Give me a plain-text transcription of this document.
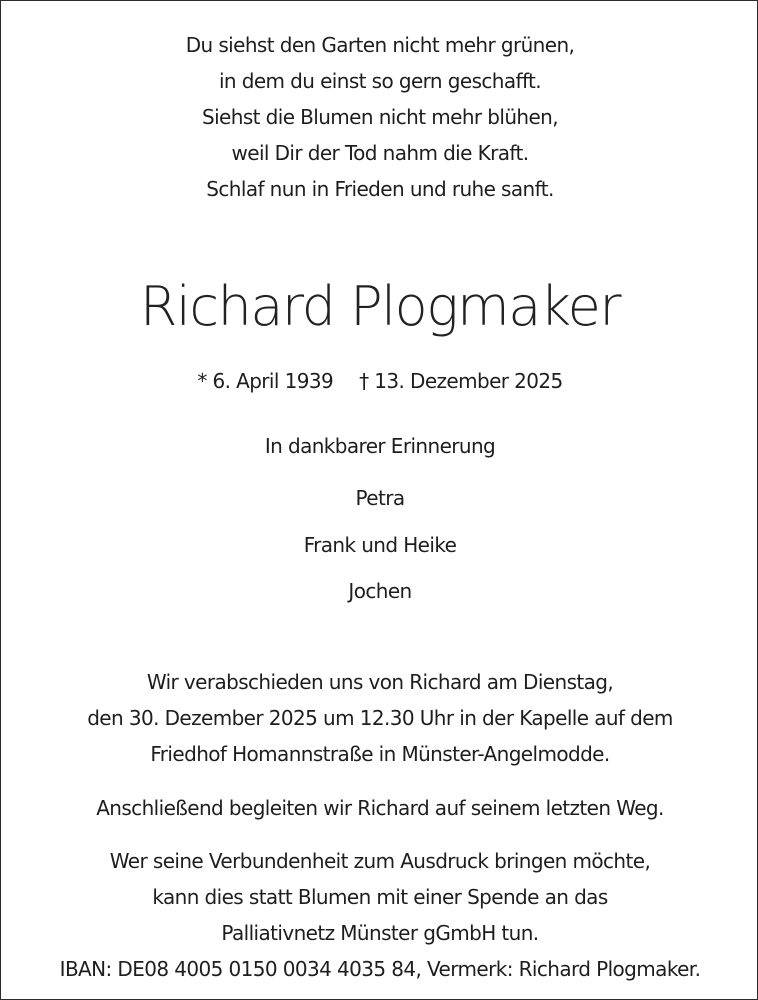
Du siehst den Garten nicht mehr grünen,
in dem du einst so gern geschafft.
Siehst die Blumen nicht mehr blühen,
weil Dir der Tod nahm die Kraft.
Schlaf nun in Frieden und ruhe sanft.
Richard Plogmaker
* 6. April 1939 † 13. Dezember 2025
In dankbarer Erinnerung
Petra
Frank und Heike
Jochen
Wir verabschieden uns von Richard am Dienstag,
den 30. Dezember 2025 um 12.30 Uhr in der Kapelle auf dem
Friedhof Homannstraße in Münster-Angelmodde.
Anschließend begleiten wir Richard auf seinem letzten Weg.
Wer seine Verbundenheit zum Ausdruck bringen möchte,
kann dies statt Blumen mit einer Spende an das
Palliativnetz Münster gGmbH tun.
IBAN: DE08 4005 0150 0034 4035 84, Vermerk: Richard Plogmaker.
